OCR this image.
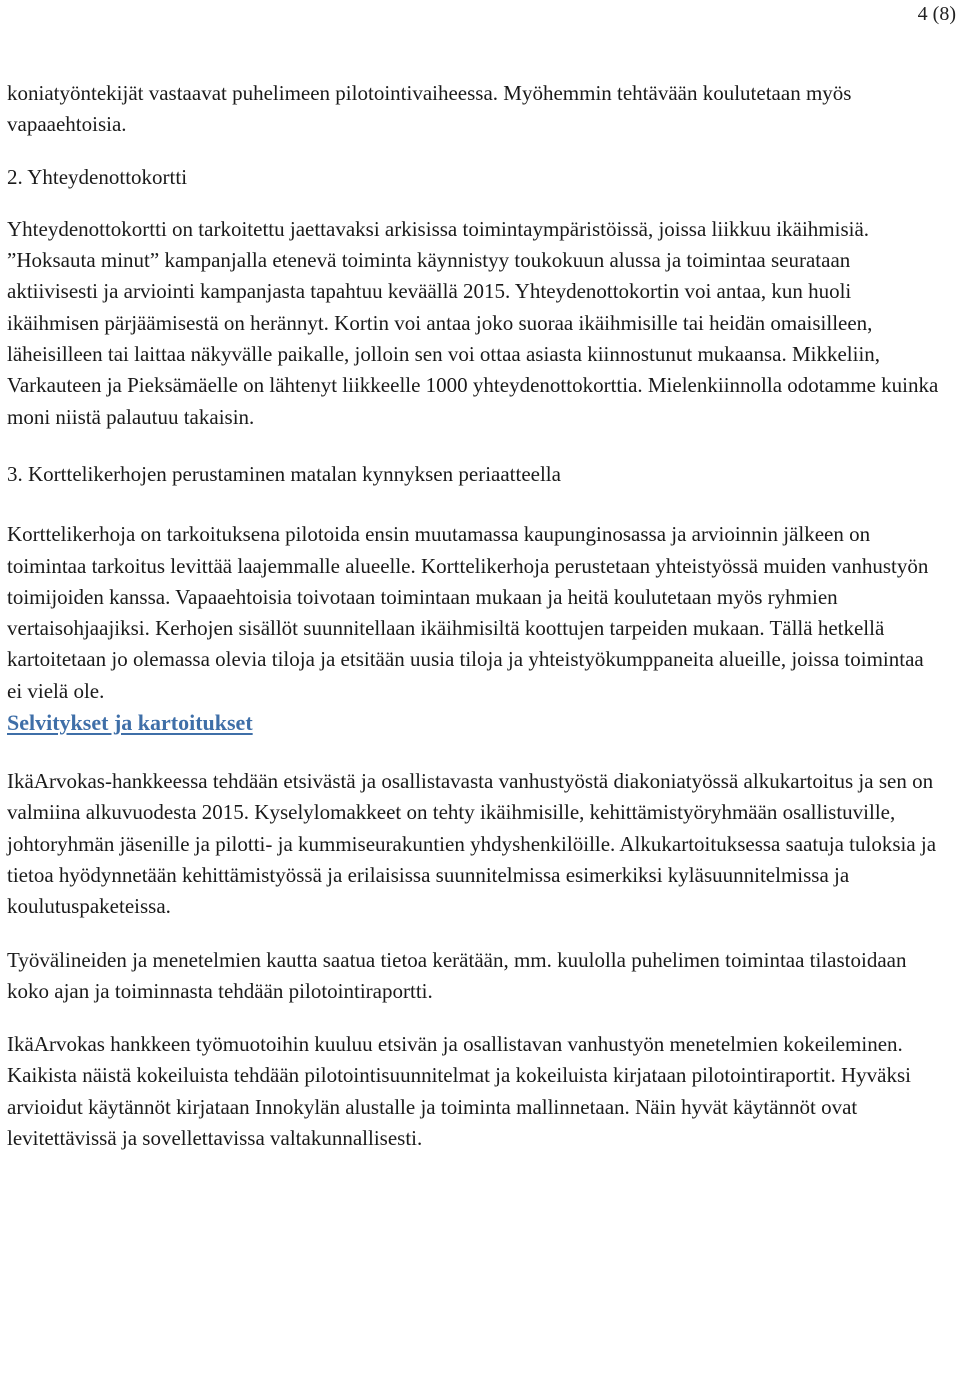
4 (8)

koniatyöntekijät vastaavat puhelimeen pilotointivaiheessa. Myöhemmin tehtävään koulutetaan myös vapaaehtoisia.

2. Yhteydenottokortti

Yhteydenottokortti on tarkoitettu jaettavaksi arkisissa toimintaympäristöissä, joissa liikkuu ikäihmisiä. ”Hoksauta minut” kampanjalla etenevä toiminta käynnistyy toukokuun alussa ja toimintaa seurataan aktiivisesti ja arviointi kampanjasta tapahtuu keväällä 2015. Yhteydenottokortin voi antaa, kun huoli ikäihmisen pärjäämisestä on herännyt. Kortin voi antaa joko suoraa ikäihmisille tai heidän omaisilleen, läheisilleen tai laittaa näkyvälle paikalle, jolloin sen voi ottaa asiasta kiinnostunut mukaansa. Mikkeliin, Varkauteen ja Pieksämäelle on lähtenyt liikkeelle 1000 yhteydenottokorttia. Mielenkiinnolla odotamme kuinka moni niistä palautuu takaisin.

3. Korttelikerhojen perustaminen matalan kynnyksen periaatteella

Korttelikerhoja on tarkoituksena pilotoida ensin muutamassa kaupunginosassa ja arvioinnin jälkeen on toimintaa tarkoitus levittää laajemmalle alueelle. Korttelikerhoja perustetaan yhteistyössä muiden vanhustyön toimijoiden kanssa. Vapaaehtoisia toivotaan toimintaan mukaan ja heitä koulutetaan myös ryhmien vertaisohjaajiksi. Kerhojen sisällöt suunnitellaan ikäihmisiltä koottujen tarpeiden mukaan. Tällä hetkellä kartoitetaan jo olemassa olevia tiloja ja etsitään uusia tiloja ja yhteistyökumppaneita alueille, joissa toimintaa ei vielä ole.

Selvitykset ja kartoitukset

IkäArvokas-hankkeessa tehdään etsivästä ja osallistavasta vanhustyöstä diakoniatyössä alkukartoitus ja sen on valmiina alkuvuodesta 2015. Kyselylomakkeet on tehty ikäihmisille, kehittämistyöryhmään osallistuville, johtoryhmän jäsenille ja pilotti- ja kummiseurakuntien yhdyshenkilöille. Alkukartoituksessa saatuja tuloksia ja tietoa hyödynnetään kehittämistyössä ja erilaisissa suunnitelmissa esimerkiksi kyläsuunnitelmissa ja koulutuspaketeissa.

Työvälineiden ja menetelmien kautta saatua tietoa kerätään, mm. kuulolla puhelimen toimintaa tilastoidaan koko ajan ja toiminnasta tehdään pilotointiraportti.

IkäArvokas hankkeen työmuotoihin kuuluu etsivän ja osallistavan vanhustyön menetelmien kokeileminen. Kaikista näistä kokeiluista tehdään pilotointisuunnitelmat ja kokeiluista kirjataan pilotointiraportit. Hyväksi arvioidut käytännöt kirjataan Innokylän alustalle ja toiminta mallinnetaan. Näin hyvät käytännöt ovat levitettävissä ja sovellettavissa valtakunnallisesti.
